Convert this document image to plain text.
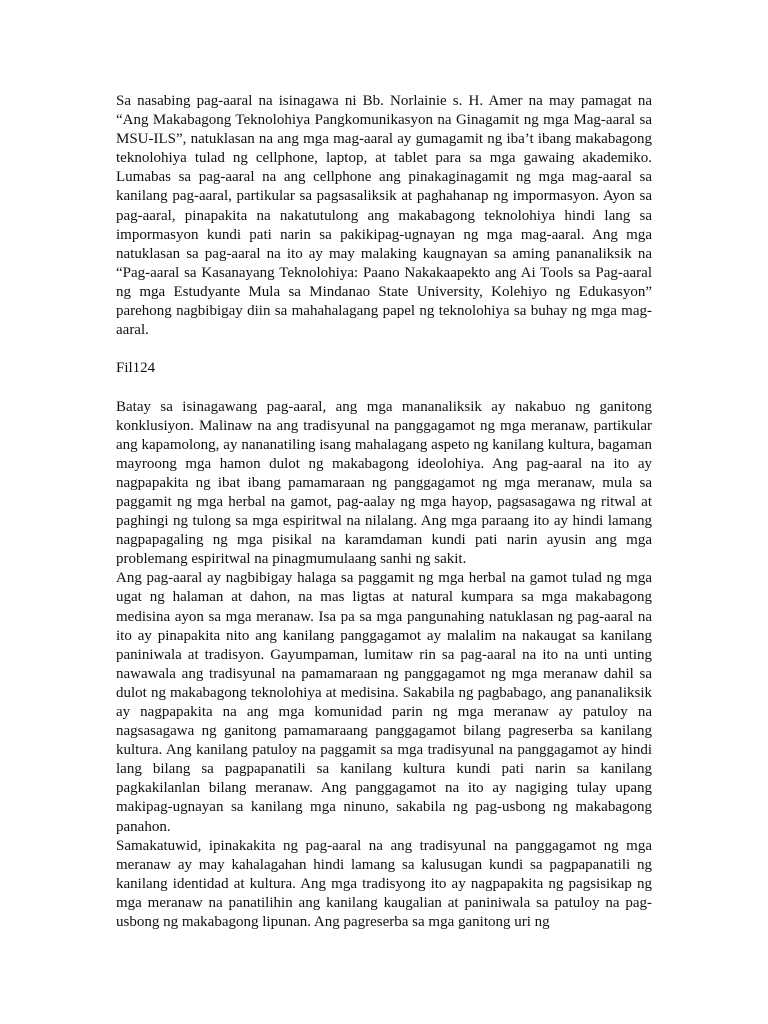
Sa nasabing pag-aaral na isinagawa ni Bb. Norlainie s. H. Amer na may pamagat na “Ang Makabagong Teknolohiya Pangkomunikasyon na Ginagamit ng mga Mag-aaral sa MSU-ILS”, natuklasan na ang mga mag-aaral ay gumagamit ng iba’t ibang makabagong teknolohiya tulad ng cellphone, laptop, at tablet para sa mga gawaing akademiko. Lumabas sa pag-aaral na ang cellphone ang pinakaginagamit ng mga mag-aaral sa kanilang pag-aaral, partikular sa pagsasaliksik at paghahanap ng impormasyon. Ayon sa pag-aaral, pinapakita na nakatutulong ang makabagong teknolohiya hindi lang sa impormasyon kundi pati narin sa pakikipag-ugnayan ng mga mag-aaral. Ang mga natuklasan sa pag-aaral na ito ay may malaking kaugnayan sa aming pananaliksik na “Pag-aaral sa Kasanayang Teknolohiya: Paano Nakakaapekto ang Ai Tools sa Pag-aaral ng mga Estudyante Mula sa Mindanao State University, Kolehiyo ng Edukasyon” parehong nagbibigay diin sa mahahalagang papel ng teknolohiya sa buhay ng mga mag-aaral.

Fil124

Batay sa isinagawang pag-aaral, ang mga mananaliksik ay nakabuo ng ganitong konklusiyon. Malinaw na ang tradisyunal na panggagamot ng mga meranaw, partikular ang kapamolong, ay nananatiling isang mahalagang aspeto ng kanilang kultura, bagaman mayroong mga hamon dulot ng makabagong ideolohiya. Ang pag-aaral na ito ay nagpapakita ng ibat ibang pamamaraan ng panggagamot ng mga meranaw, mula sa paggamit ng mga herbal na gamot, pag-aalay ng mga hayop, pagsasagawa ng ritwal at paghingi ng tulong sa mga espiritwal na nilalang. Ang mga paraang ito ay hindi lamang nagpapagaling ng mga pisikal na karamdaman kundi pati narin ayusin ang mga problemang espiritwal na pinagmumulaang sanhi ng sakit.

Ang pag-aaral ay nagbibigay halaga sa paggamit ng mga herbal na gamot tulad ng mga ugat ng halaman at dahon, na mas ligtas at natural kumpara sa mga makabagong medisina ayon sa mga meranaw. Isa pa sa mga pangunahing natuklasan ng pag-aaral na ito ay pinapakita nito ang kanilang panggagamot ay malalim na nakaugat sa kanilang paniniwala at tradisyon. Gayumpaman, lumitaw rin sa pag-aaral na ito na unti unting nawawala ang tradisyunal na pamamaraan ng panggagamot ng mga meranaw dahil sa dulot ng makabagong teknolohiya at medisina. Sakabila ng pagbabago, ang pananaliksik ay nagpapakita na ang mga komunidad parin ng mga meranaw ay patuloy na nagsasagawa ng ganitong pamamaraang panggagamot bilang pagreserba sa kanilang kultura. Ang kanilang patuloy na paggamit sa mga tradisyunal na panggagamot ay hindi lang bilang sa pagpapanatili sa kanilang kultura kundi pati narin sa kanilang pagkakilanlan bilang meranaw. Ang panggagamot na ito ay nagiging tulay upang makipag-ugnayan sa kanilang mga ninuno, sakabila ng pag-usbong ng makabagong panahon.

Samakatuwid, ipinakakita ng pag-aaral na ang tradisyunal na panggagamot ng mga meranaw ay may kahalagahan hindi lamang sa kalusugan kundi sa pagpapanatili ng kanilang identidad at kultura. Ang mga tradisyong ito ay nagpapakita ng pagsisikap ng mga meranaw na panatilihin ang kanilang kaugalian at paniniwala sa patuloy na pag-usbong ng makabagong lipunan. Ang pagreserba sa mga ganitong uri ng
